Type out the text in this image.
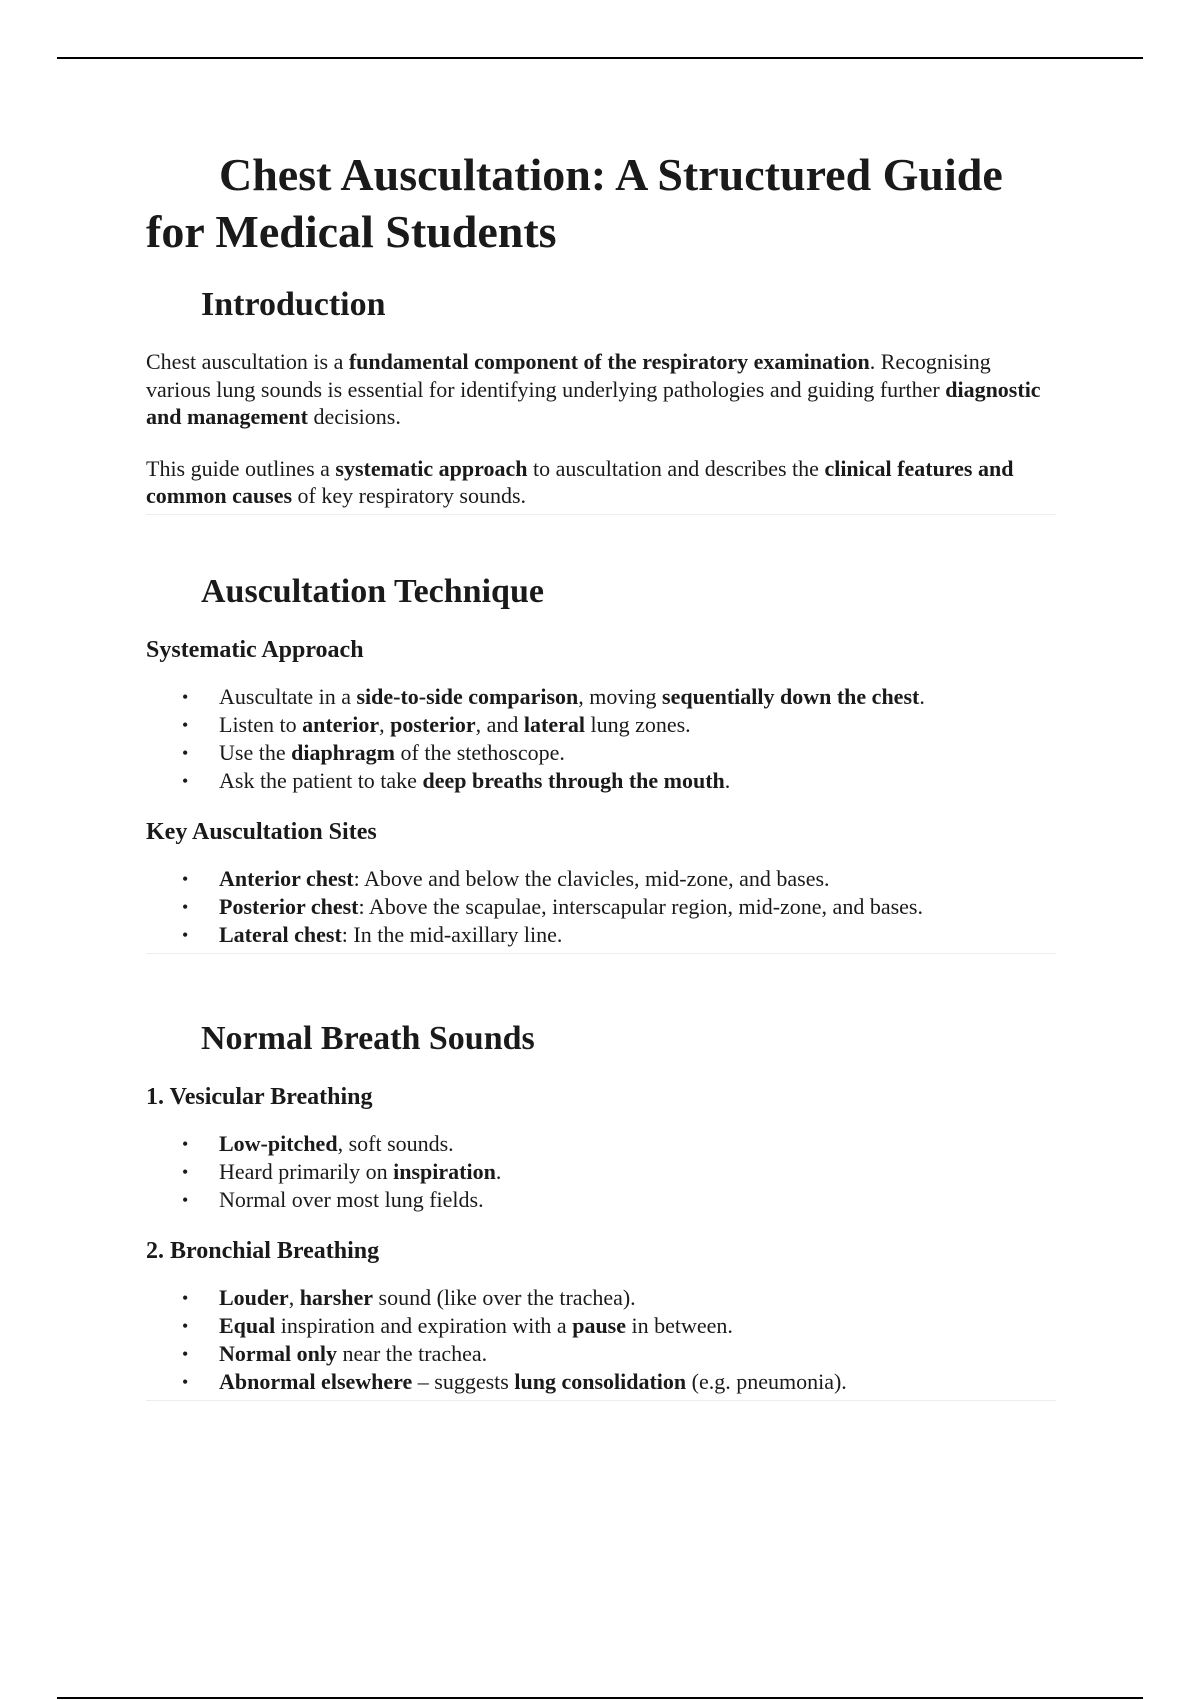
Chest Auscultation: A Structured Guide for Medical Students
Introduction

Chest auscultation is a fundamental component of the respiratory examination. Recognising various lung sounds is essential for identifying underlying pathologies and guiding further diagnostic and management decisions.

This guide outlines a systematic approach to auscultation and describes the clinical features and common causes of key respiratory sounds.

Auscultation Technique
Systematic Approach
• Auscultate in a side-to-side comparison, moving sequentially down the chest.
• Listen to anterior, posterior, and lateral lung zones.
• Use the diaphragm of the stethoscope.
• Ask the patient to take deep breaths through the mouth.
Key Auscultation Sites
• Anterior chest: Above and below the clavicles, mid-zone, and bases.
• Posterior chest: Above the scapulae, interscapular region, mid-zone, and bases.
• Lateral chest: In the mid-axillary line.
Normal Breath Sounds
1. Vesicular Breathing
• Low-pitched, soft sounds.
• Heard primarily on inspiration.
• Normal over most lung fields.
2. Bronchial Breathing
• Louder, harsher sound (like over the trachea).
• Equal inspiration and expiration with a pause in between.
• Normal only near the trachea.
• Abnormal elsewhere – suggests lung consolidation (e.g. pneumonia).
